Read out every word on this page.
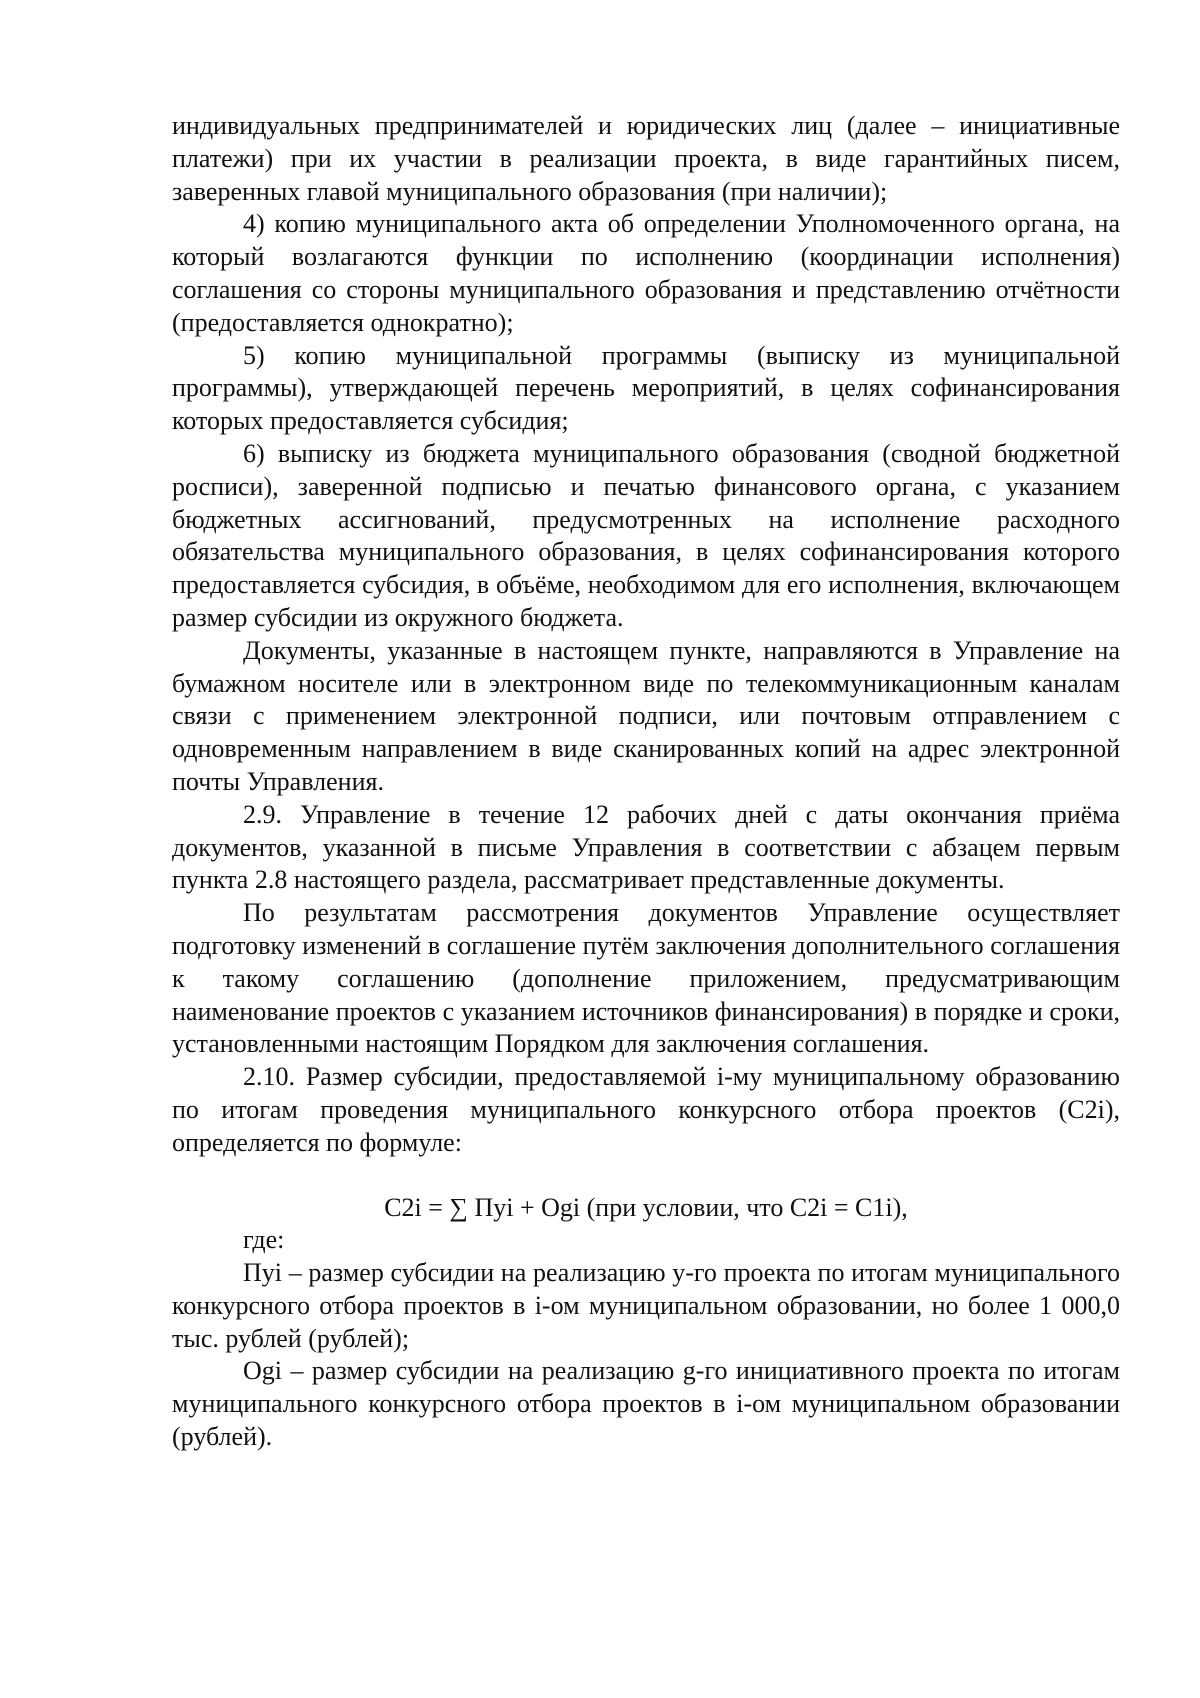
индивидуальных предпринимателей и юридических лиц (далее – инициативные платежи) при их участии в реализации проекта, в виде гарантийных писем, заверенных главой муниципального образования (при наличии);

4) копию муниципального акта об определении Уполномоченного органа, на который возлагаются функции по исполнению (координации исполнения) соглашения со стороны муниципального образования и представлению отчётности (предоставляется однократно);

5) копию муниципальной программы (выписку из муниципальной программы), утверждающей перечень мероприятий, в целях софинансирования которых предоставляется субсидия;

6) выписку из бюджета муниципального образования (сводной бюджетной росписи), заверенной подписью и печатью финансового органа, с указанием бюджетных ассигнований, предусмотренных на исполнение расходного обязательства муниципального образования, в целях софинансирования которого предоставляется субсидия, в объёме, необходимом для его исполнения, включающем размер субсидии из окружного бюджета.

Документы, указанные в настоящем пункте, направляются в Управление на бумажном носителе или в электронном виде по телекоммуникационным каналам связи с применением электронной подписи, или почтовым отправлением с одновременным направлением в виде сканированных копий на адрес электронной почты Управления.

2.9. Управление в течение 12 рабочих дней с даты окончания приёма документов, указанной в письме Управления в соответствии с абзацем первым пункта 2.8 настоящего раздела, рассматривает представленные документы.

По результатам рассмотрения документов Управление осуществляет подготовку изменений в соглашение путём заключения дополнительного соглашения к такому соглашению (дополнение приложением, предусматривающим наименование проектов с указанием источников финансирования) в порядке и сроки, установленными настоящим Порядком для заключения соглашения.

2.10. Размер субсидии, предоставляемой i-му муниципальному образованию по итогам проведения муниципального конкурсного отбора проектов (С2i), определяется по формуле:

С2i = ∑ Пyi + Оgi (при условии, что С2i = С1i),

где:

Пyi – размер субсидии на реализацию y-го проекта по итогам муниципального конкурсного отбора проектов в i-ом муниципальном образовании, но более 1 000,0 тыс. рублей (рублей);

Оgi – размер субсидии на реализацию g-го инициативного проекта по итогам муниципального конкурсного отбора проектов в i-ом муниципальном образовании (рублей).
